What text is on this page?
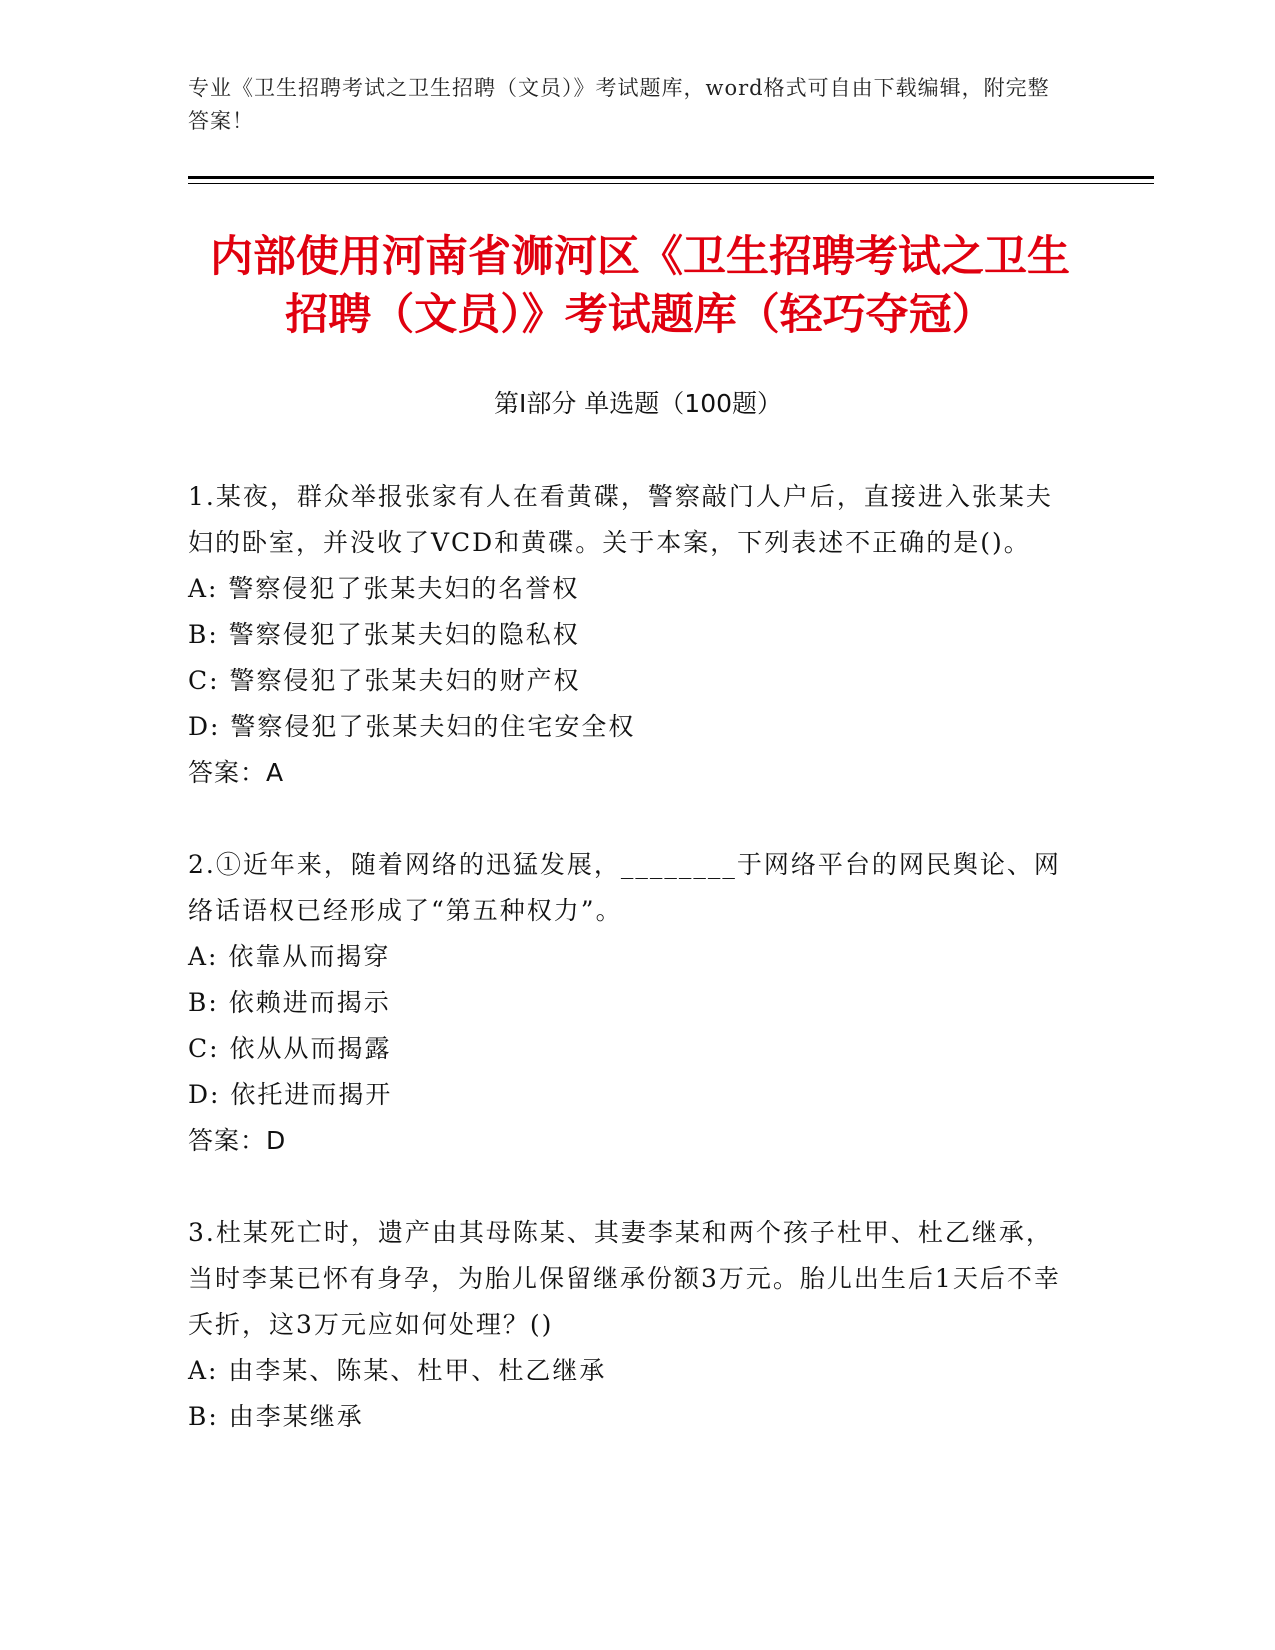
专业《卫生招聘考试之卫生招聘（文员）》考试题库，word格式可自由下载编辑，附完整答案！
内部使用河南省浉河区《卫生招聘考试之卫生招聘（文员）》考试题库（轻巧夺冠）
第Ⅰ部分 单选题（100题）

1.某夜，群众举报张家有人在看黄碟，警察敲门人户后，直接进入张某夫妇的卧室，并没收了VCD和黄碟。关于本案，下列表述不正确的是()。

A: 警察侵犯了张某夫妇的名誉权

B: 警察侵犯了张某夫妇的隐私权

C: 警察侵犯了张某夫妇的财产权

D: 警察侵犯了张某夫妇的住宅安全权

答案：A

2.①近年来，随着网络的迅猛发展，________于网络平台的网民舆论、网络话语权已经形成了“第五种权力”。

A: 依靠从而揭穿

B: 依赖进而揭示

C: 依从从而揭露

D: 依托进而揭开

答案：D

3.杜某死亡时，遗产由其母陈某、其妻李某和两个孩子杜甲、杜乙继承，当时李某已怀有身孕，为胎儿保留继承份额3万元。胎儿出生后1天后不幸夭折，这3万元应如何处理？()

A: 由李某、陈某、杜甲、杜乙继承

B: 由李某继承
